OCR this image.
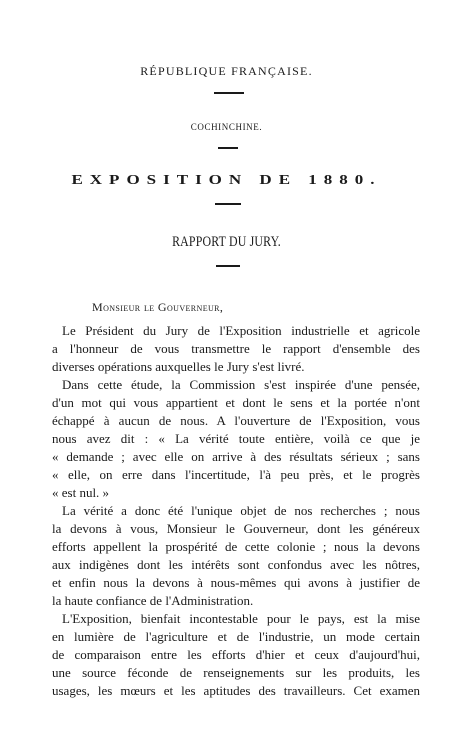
RÉPUBLIQUE FRANÇAISE.
COCHINCHINE.
EXPOSITION DE 1880.
RAPPORT DU JURY.
Monsieur le Gouverneur,
Le Président du Jury de l'Exposition industrielle et agricole
a l'honneur de vous transmettre le rapport d'ensemble des
diverses opérations auxquelles le Jury s'est livré.
Dans cette étude, la Commission s'est inspirée d'une pensée,
d'un mot qui vous appartient et dont le sens et la portée n'ont
échappé à aucun de nous. A l'ouverture de l'Exposition, vous
nous avez dit : « La vérité toute entière, voilà ce que je
« demande ; avec elle on arrive à des résultats sérieux ; sans
« elle, on erre dans l'incertitude, l'à peu près, et le progrès
« est nul. »
La vérité a donc été l'unique objet de nos recherches ; nous
la devons à vous, Monsieur le Gouverneur, dont les généreux
efforts appellent la prospérité de cette colonie ; nous la devons
aux indigènes dont les intérêts sont confondus avec les nôtres,
et enfin nous la devons à nous-mêmes qui avons à justifier de
la haute confiance de l'Administration.
L'Exposition, bienfait incontestable pour le pays, est la mise
en lumière de l'agriculture et de l'industrie, un mode certain
de comparaison entre les efforts d'hier et ceux d'aujourd'hui,
une source féconde de renseignements sur les produits, les
usages, les mœurs et les aptitudes des travailleurs. Cet examen
